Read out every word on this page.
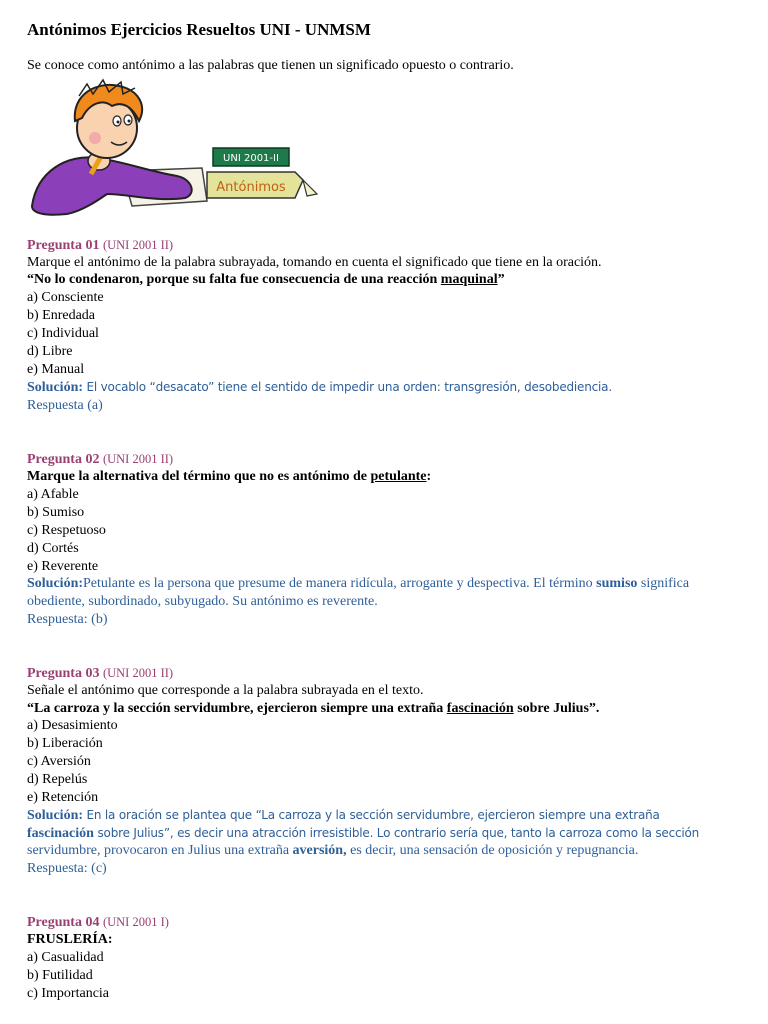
Antónimos Ejercicios Resueltos UNI - UNMSM
Se conoce como antónimo a las palabras que tienen un significado opuesto o contrario.
UNI 2001-II
Antónimos
Pregunta 01 (UNI 2001 II)
Marque el antónimo de la palabra subrayada, tomando en cuenta el significado que tiene en la oración.
“No lo condenaron, porque su falta fue consecuencia de una reacción maquinal”
a) Consciente
b) Enredada
c) Individual
d) Libre
e) Manual
Solución: El vocablo “desacato” tiene el sentido de impedir una orden: transgresión, desobediencia.
Respuesta (a)
Pregunta 02 (UNI 2001 II)
Marque la alternativa del término que no es antónimo de petulante:
a) Afable
b) Sumiso
c) Respetuoso
d) Cortés
e) Reverente
Solución:Petulante es la persona que presume de manera ridícula, arrogante y despectiva. El término sumiso significa
obediente, subordinado, subyugado. Su antónimo es reverente.
Respuesta: (b)
Pregunta 03 (UNI 2001 II)
Señale el antónimo que corresponde a la palabra subrayada en el texto.
“La carroza y la sección servidumbre, ejercieron siempre una extraña fascinación sobre Julius”.
a) Desasimiento
b) Liberación
c) Aversión
d) Repelús
e) Retención
Solución: En la oración se plantea que “La carroza y la sección servidumbre, ejercieron siempre una extraña
fascinación sobre Julius”, es decir una atracción irresistible. Lo contrario sería que, tanto la carroza como la sección
servidumbre, provocaron en Julius una extraña aversión, es decir, una sensación de oposición y repugnancia.
Respuesta: (c)
Pregunta 04 (UNI 2001 I)
FRUSLERÍA:
a) Casualidad
b) Futilidad
c) Importancia
